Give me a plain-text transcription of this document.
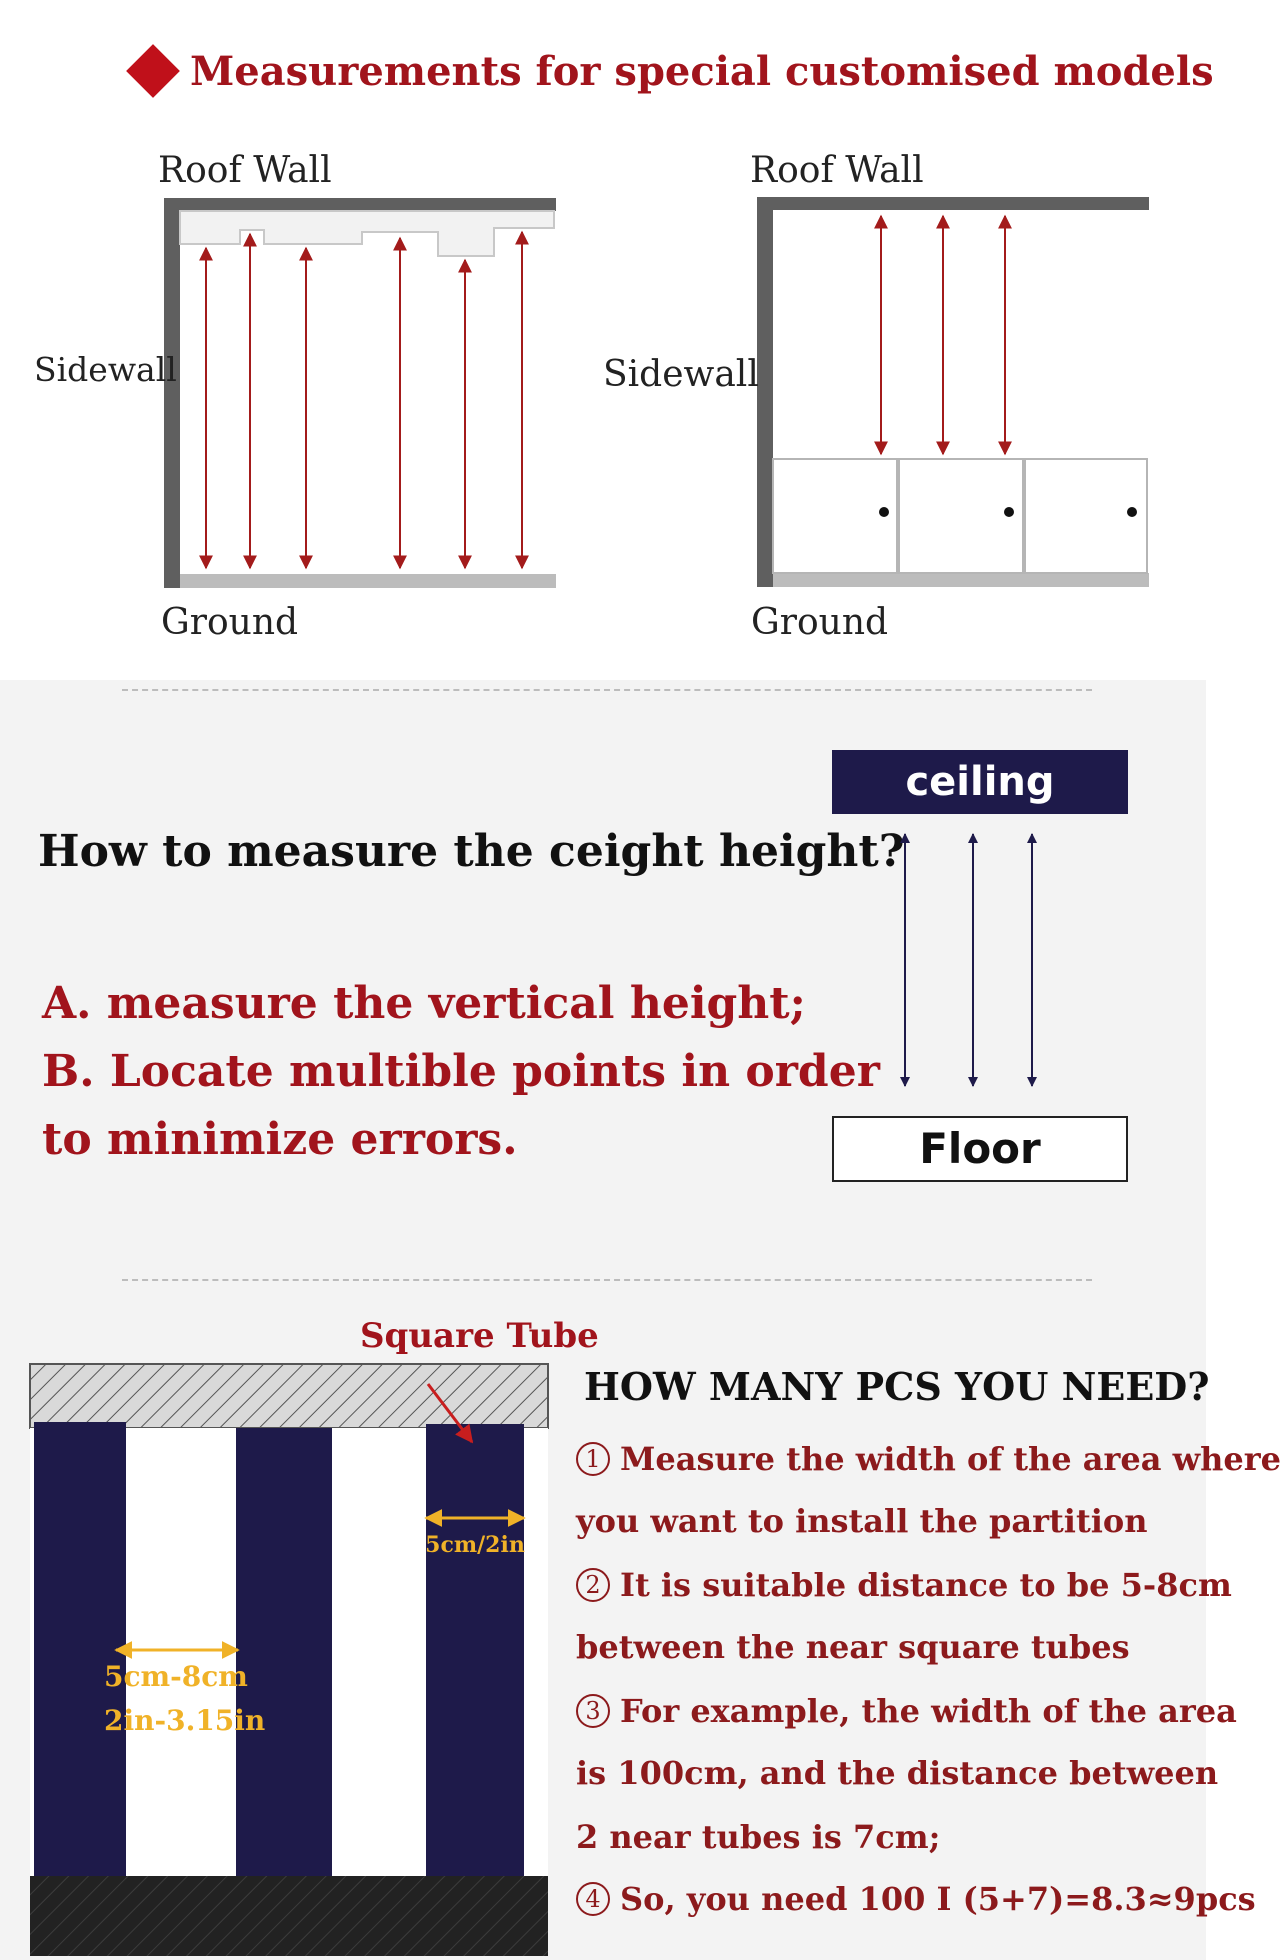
Measurements for special customised models
Roof Wall
Sidewall
Ground
Roof Wall
Sidewall
Ground
How to measure the ceight height?
A. measure the vertical height;
B. Locate multible points in order
to minimize errors.
ceiling
Floor
Square Tube
5cm/2in
5cm-8cm
2in-3.15in
HOW MANY PCS YOU NEED?
1 Measure the width of the area where
you want to install the partition
2 It is suitable distance to be 5-8cm
between the near square tubes
3 For example, the width of the area
is 100cm, and the distance between
2 near tubes is 7cm;
4 So, you need 100 I (5+7)=8.3≈9pcs
